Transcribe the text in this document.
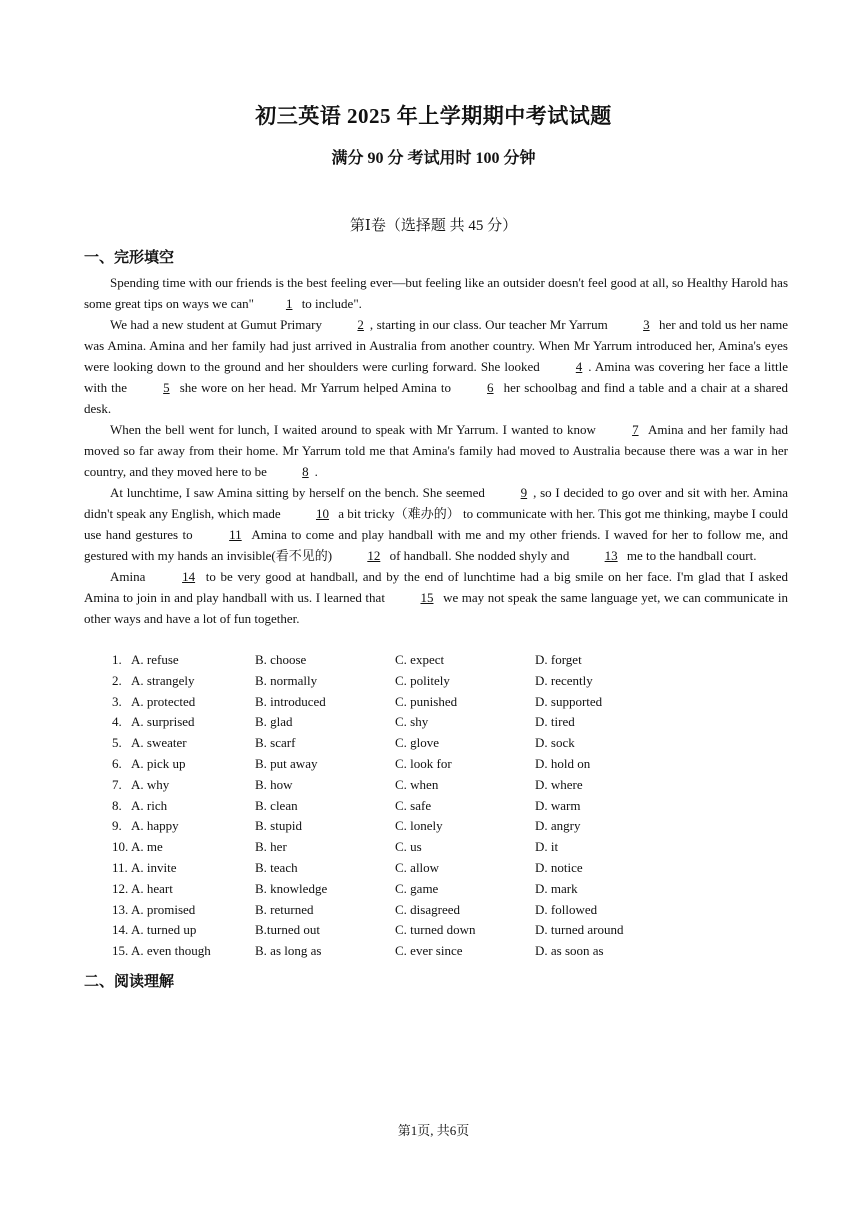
初三英语 2025 年上学期期中考试试题
满分 90 分 考试用时 100 分钟
第Ⅰ卷（选择题 共 45 分）
一、完形填空

Spending time with our friends is the best feeling ever—but feeling like an outsider doesn't feel good at all, so Healthy Harold has some great tips on ways we can" 1 to include".

We had a new student at Gumut Primary 2 , starting in our class. Our teacher Mr Yarrum 3 her and told us her name was Amina. Amina and her family had just arrived in Australia from another country. When Mr Yarrum introduced her, Amina's eyes were looking down to the ground and her shoulders were curling forward. She looked 4 . Amina was covering her face a little with the 5 she wore on her head. Mr Yarrum helped Amina to 6 her schoolbag and find a table and a chair at a shared desk.

When the bell went for lunch, I waited around to speak with Mr Yarrum. I wanted to know 7 Amina and her family had moved so far away from their home. Mr Yarrum told me that Amina's family had moved to Australia because there was a war in her country, and they moved here to be 8 .

At lunchtime, I saw Amina sitting by herself on the bench. She seemed 9 , so I decided to go over and sit with her. Amina didn't speak any English, which made 10 a bit tricky（难办的） to communicate with her. This got me thinking, maybe I could use hand gestures to 11 Amina to come and play handball with me and my other friends. I waved for her to follow me, and gestured with my hands an invisible(看不见的) 12 of handball. She nodded shyly and 13 me to the handball court.

Amina 14 to be very good at handball, and by the end of lunchtime had a big smile on her face. I'm glad that I asked Amina to join in and play handball with us. I learned that 15 we may not speak the same language yet, we can communicate in other ways and have a lot of fun together.

1. A. refuse	B. choose	C. expect	D. forget
2. A. strangely	B. normally	C. politely	D. recently
3. A. protected	B. introduced	C. punished	D. supported
4. A. surprised	B. glad	C. shy	D. tired
5. A. sweater	B. scarf	C. glove	D. sock
6. A. pick up	B. put away	C. look for	D. hold on
7. A. why	B. how	C. when	D. where
8. A. rich	B. clean	C. safe	D. warm
9. A. happy	B. stupid	C. lonely	D. angry
10. A. me	B. her	C. us	D. it
11. A. invite	B. teach	C. allow	D. notice
12. A. heart	B. knowledge	C. game	D. mark
13. A. promised	B. returned	C. disagreed	D. followed
14. A. turned up	B.turned out	C. turned down	D. turned around
15. A. even though	B. as long as	C. ever since	D. as soon as
二、阅读理解
第1页, 共6页
